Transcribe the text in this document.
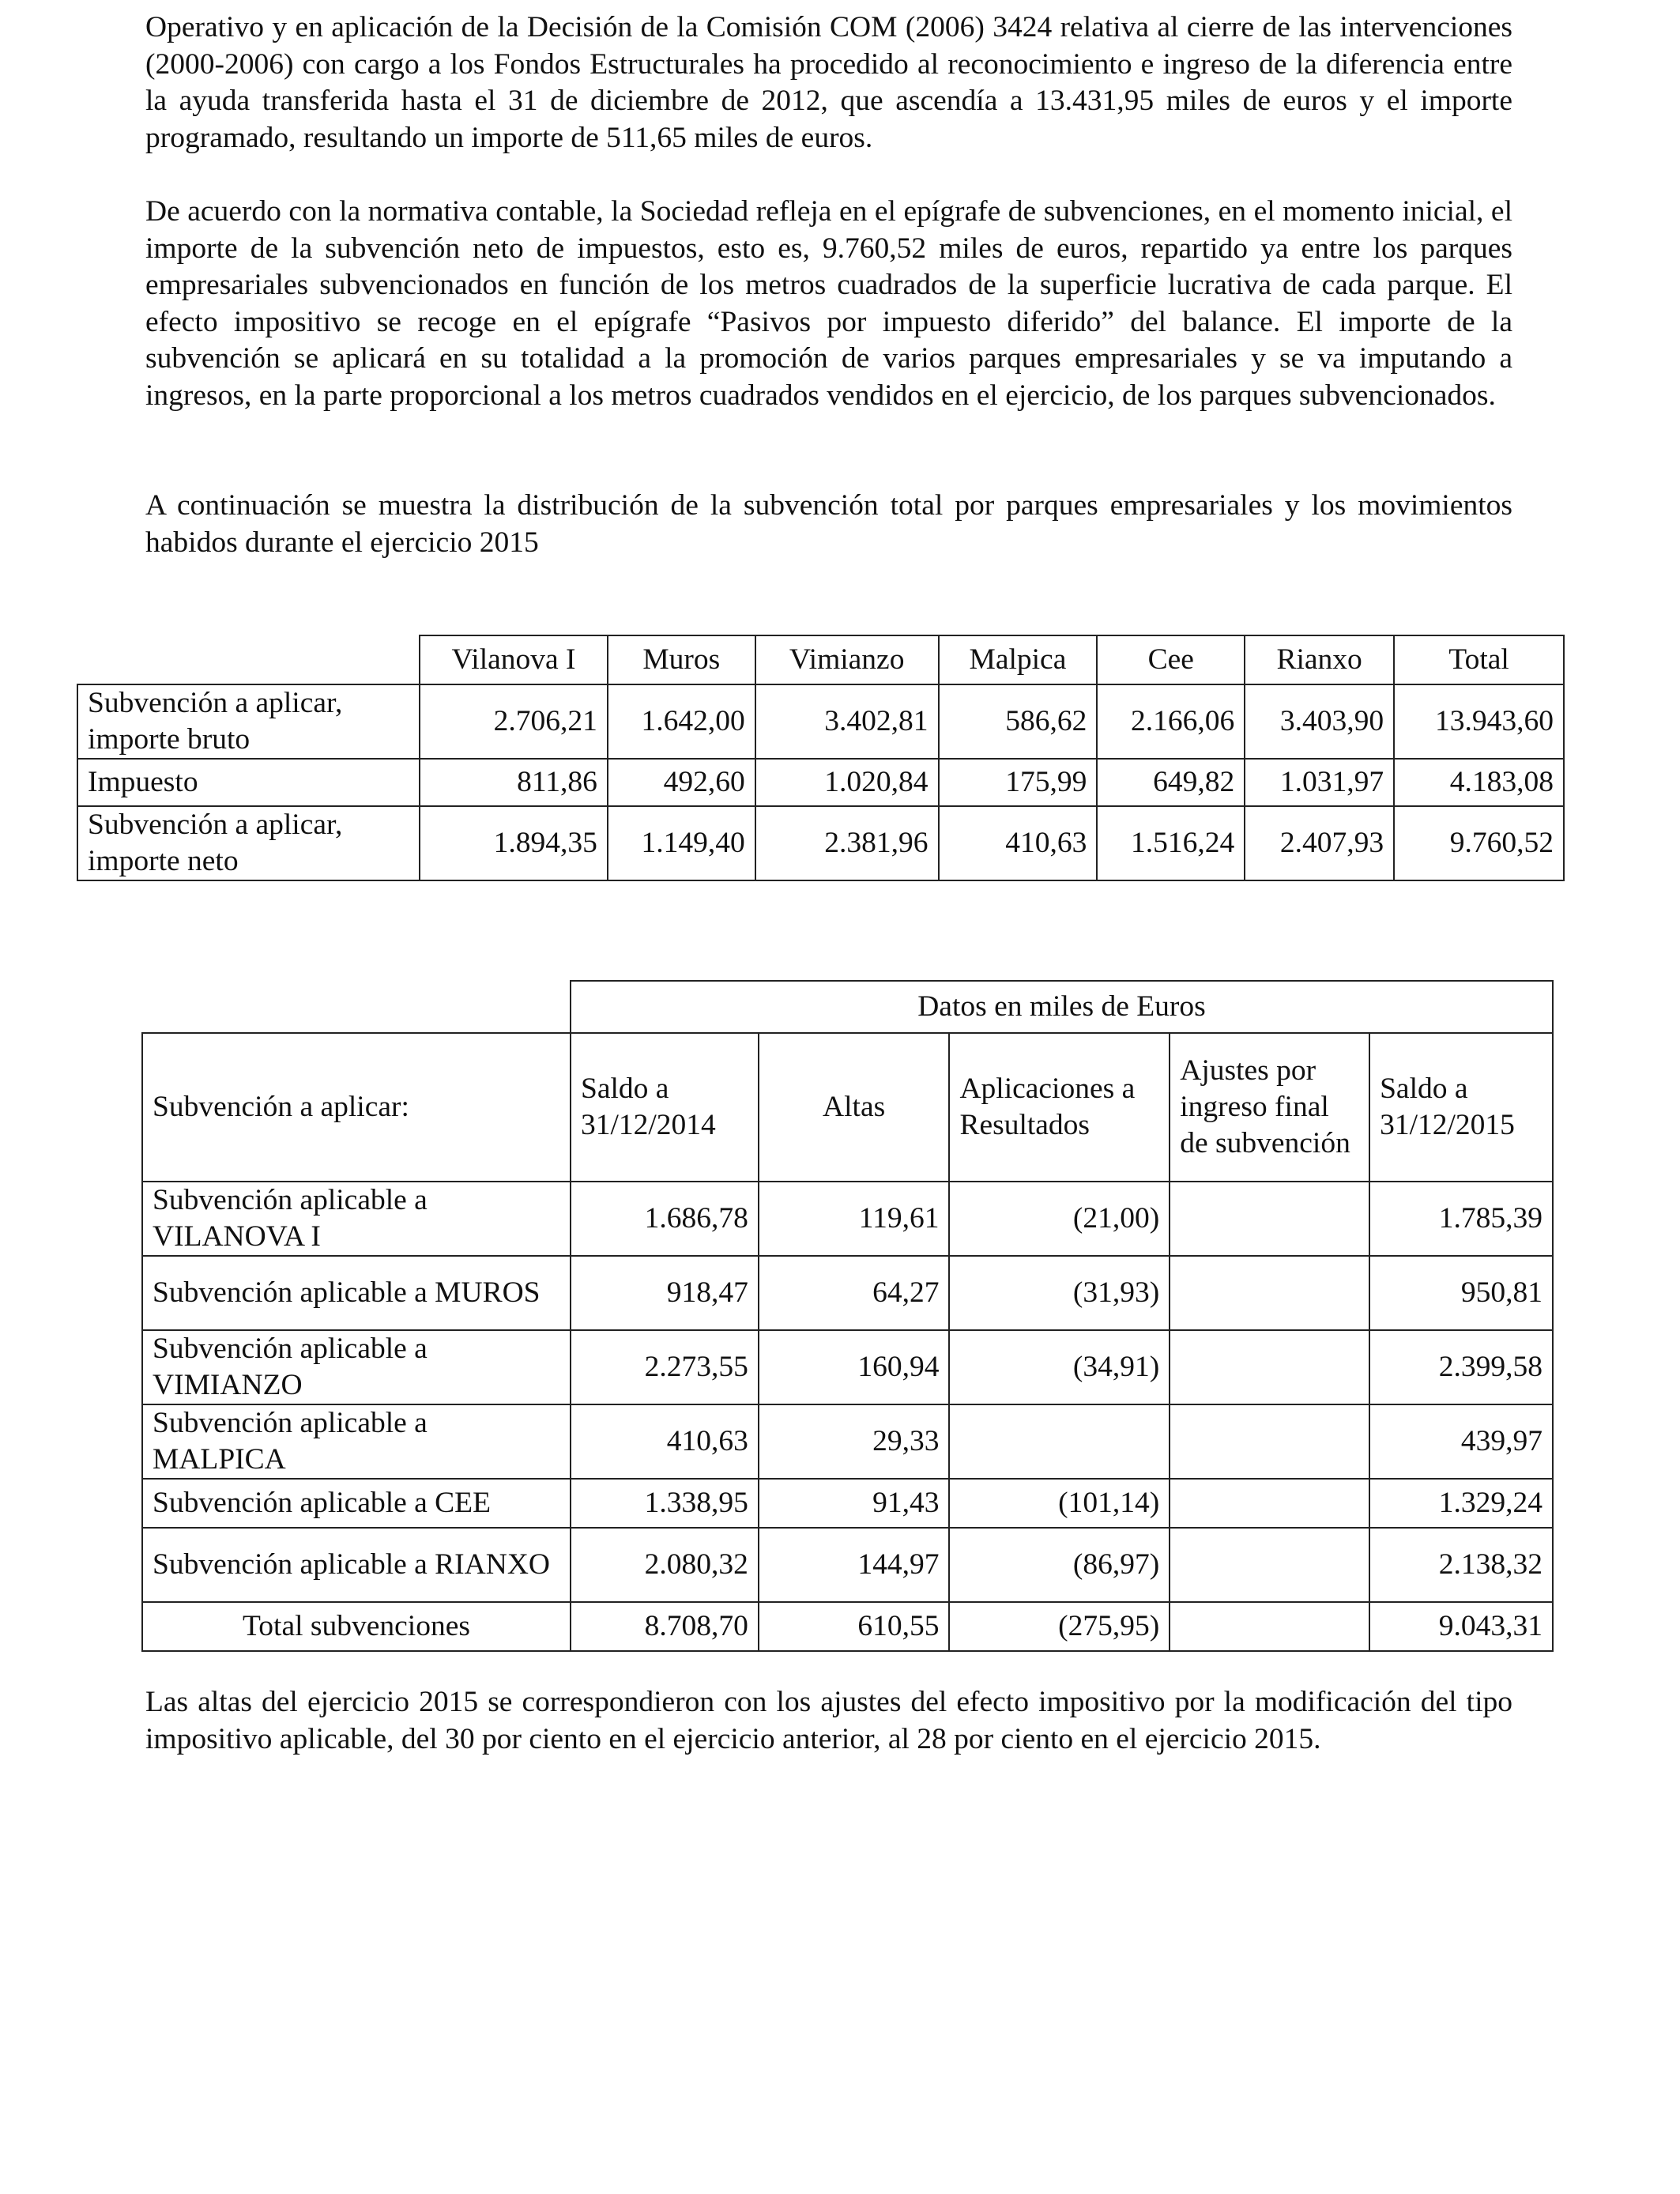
Operativo y en aplicación de la Decisión de la Comisión COM (2006) 3424 relativa al cierre de las intervenciones (2000-2006) con cargo a los Fondos Estructurales ha procedido al reconocimiento e ingreso de la diferencia entre la ayuda transferida hasta el 31 de diciembre de 2012, que ascendía a 13.431,95 miles de euros y el importe programado, resultando un importe de 511,65 miles de euros.

De acuerdo con la normativa contable, la Sociedad refleja en el epígrafe de subvenciones, en el momento inicial, el importe de la subvención neto de impuestos, esto es, 9.760,52 miles de euros, repartido ya entre los parques empresariales subvencionados en función de los metros cuadrados de la superficie lucrativa de cada parque. El efecto impositivo se recoge en el epígrafe “Pasivos por impuesto diferido” del balance. El importe de la subvención se aplicará en su totalidad a la promoción de varios parques empresariales y se va imputando a ingresos, en la parte proporcional a los metros cuadrados vendidos en el ejercicio, de los parques subvencionados.

A continuación se muestra la distribución de la subvención total por parques empresariales y los movimientos habidos durante el ejercicio 2015

	Vilanova I	Muros	Vimianzo	Malpica	Cee	Rianxo	Total
Subvención a aplicar, importe bruto	2.706,21	1.642,00	3.402,81	586,62	2.166,06	3.403,90	13.943,60
Impuesto	811,86	492,60	1.020,84	175,99	649,82	1.031,97	4.183,08
Subvención a aplicar, importe neto	1.894,35	1.149,40	2.381,96	410,63	1.516,24	2.407,93	9.760,52
	Datos en miles de Euros				
Subvención a aplicar:	Saldo a 31/12/2014	Altas	Aplicaciones a Resultados	Ajustes por ingreso final de subvención	Saldo a 31/12/2015
Subvención aplicable a VILANOVA I	1.686,78	119,61	(21,00)		1.785,39
Subvención aplicable a MUROS	918,47	64,27	(31,93)		950,81
Subvención aplicable a VIMIANZO	2.273,55	160,94	(34,91)		2.399,58
Subvención aplicable a MALPICA	410,63	29,33			439,97
Subvención aplicable a CEE	1.338,95	91,43	(101,14)		1.329,24
Subvención aplicable a RIANXO	2.080,32	144,97	(86,97)		2.138,32
Total subvenciones	8.708,70	610,55	(275,95)		9.043,31

Las altas del ejercicio 2015 se correspondieron con los ajustes del efecto impositivo por la modificación del tipo impositivo aplicable, del 30 por ciento en el ejercicio anterior, al 28 por ciento en el ejercicio 2015.
